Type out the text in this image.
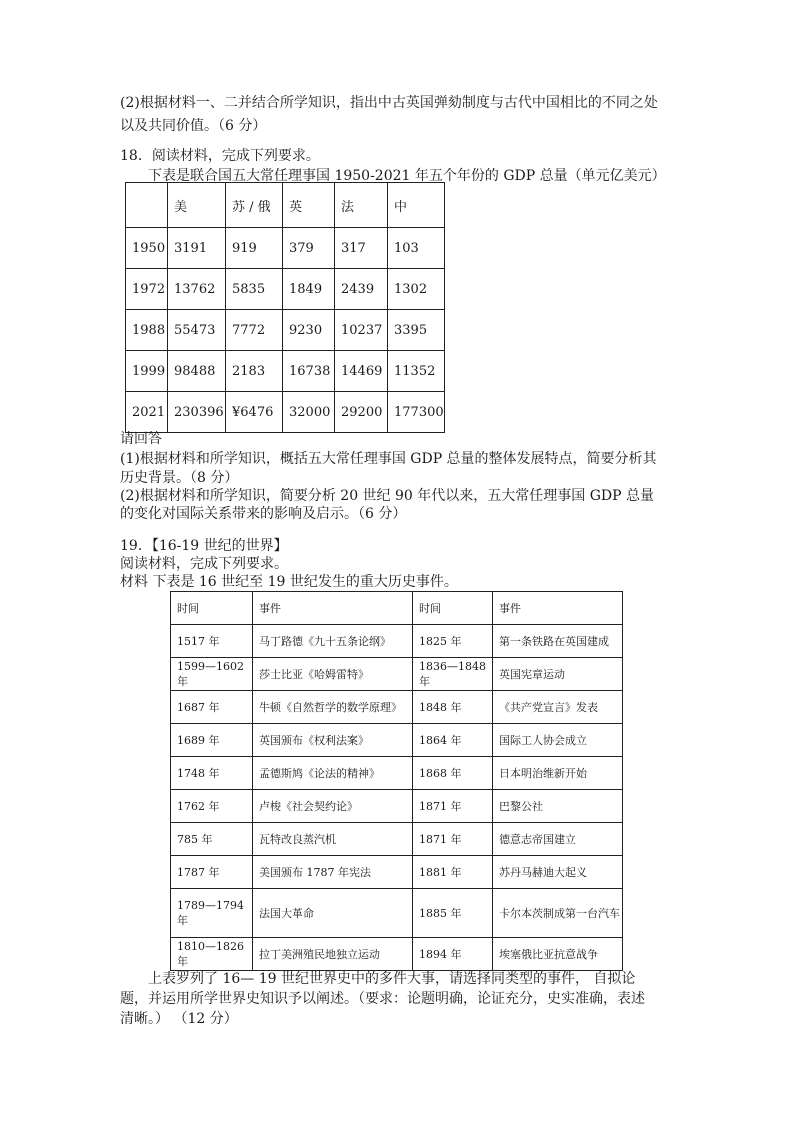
(2)根据材料一、二并结合所学知识，指出中古英国弹劾制度与古代中国相比的不同之处
以及共同价值。（6 分）
18．阅读材料，完成下列要求。
下表是联合国五大常任理事国 1950-2021 年五个年份的 GDP 总量（单元亿美元）
	美	苏 / 俄	英	法	中
1950	3191	919	379	317	103
1972	13762	5835	1849	2439	1302
1988	55473	7772	9230	10237	3395
1999	98488	2183	16738	14469	11352
2021	230396	¥6476	32000	29200	177300
请回答
(1)根据材料和所学知识，概括五大常任理事国 GDP 总量的整体发展特点，简要分析其
历史背景。（8 分）
(2)根据材料和所学知识，简要分析 20 世纪 90 年代以来，五大常任理事国 GDP 总量
的变化对国际关系带来的影响及启示。（6 分）
19．【16-19 世纪的世界】
阅读材料，完成下列要求。
材料 下表是 16 世纪至 19 世纪发生的重大历史事件。
时间	事件	时间	事件
1517 年	马丁路德《九十五条论纲》	1825 年	第一条铁路在英国建成
1599—1602 年	莎士比亚《哈姆雷特》	1836—1848 年	英国宪章运动
1687 年	牛顿《自然哲学的数学原理》	1848 年	《共产党宣言》发表
1689 年	英国颁布《权利法案》	1864 年	国际工人协会成立
1748 年	孟德斯鸠《论法的精神》	1868 年	日本明治维新开始
1762 年	卢梭《社会契约论》	1871 年	巴黎公社
785 年	瓦特改良蒸汽机	1871 年	德意志帝国建立
1787 年	美国颁布 1787 年宪法	1881 年	苏丹马赫迪大起义
1789—1794 年	法国大革命	1885 年	卡尔本茨制成第一台汽车
1810—1826 年	拉丁美洲殖民地独立运动	1894 年	埃塞俄比亚抗意战争
上表罗列了 16— 19 世纪世界史中的多件大事，请选择同类型的事件， 自拟论
题，并运用所学世界史知识予以阐述。（要求：论题明确，论证充分，史实准确，表述
清晰。） （12 分）
